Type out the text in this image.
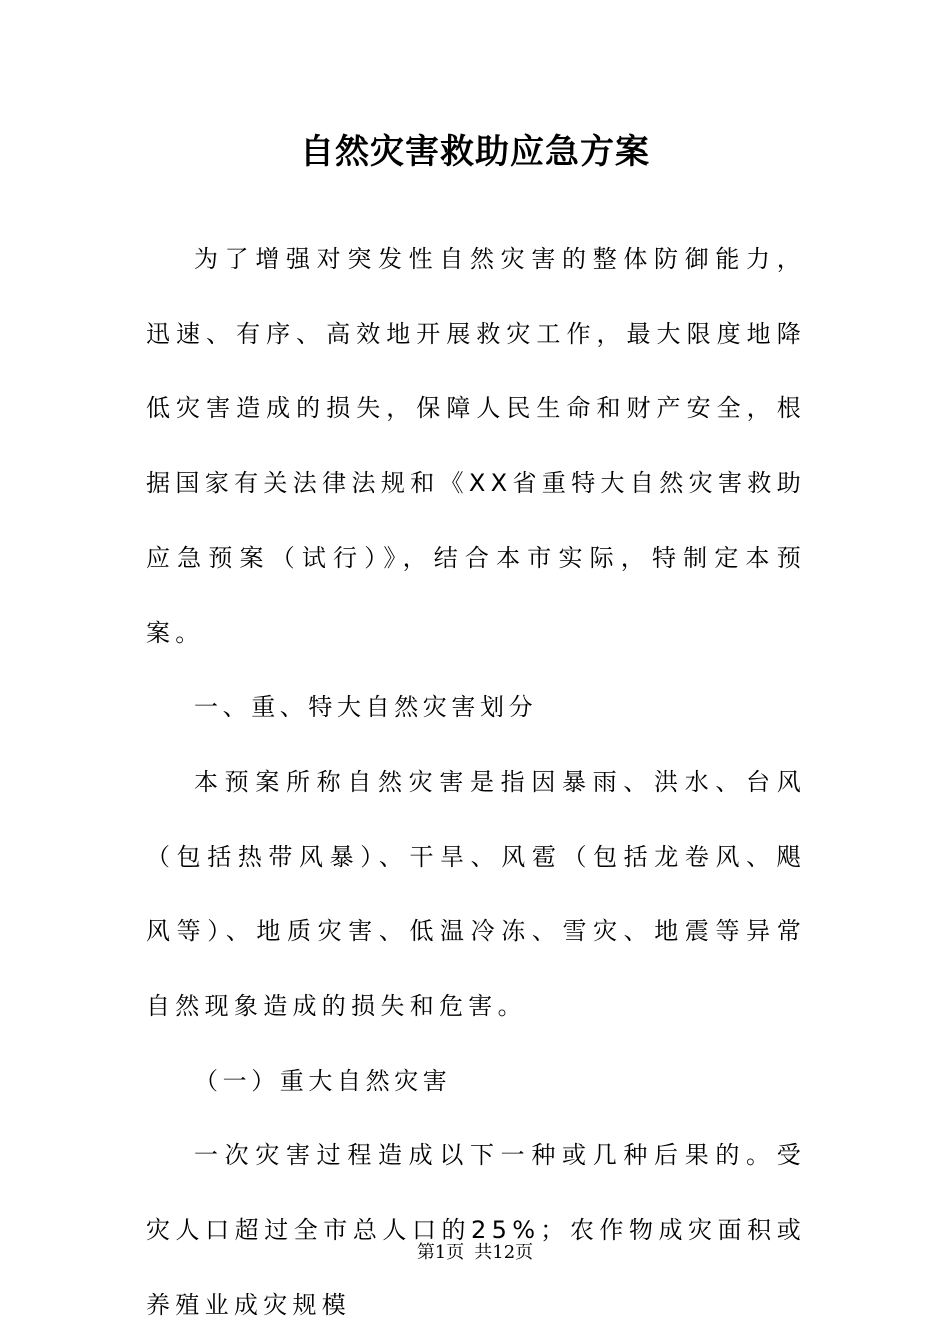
自然灾害救助应急方案

为了增强对突发性自然灾害的整体防御能力，迅速、有序、高效地开展救灾工作，最大限度地降低灾害造成的损失，保障人民生命和财产安全，根据国家有关法律法规和《XX省重特大自然灾害救助应急预案（试行）》，结合本市实际，特制定本预案。

一、重、特大自然灾害划分

本预案所称自然灾害是指因暴雨、洪水、台风（包括热带风暴）、干旱、风雹（包括龙卷风、飓风等）、地质灾害、低温冷冻、雪灾、地震等异常自然现象造成的损失和危害。

（一）重大自然灾害

一次灾害过程造成以下一种或几种后果的。受灾人口超过全市总人口的25%；农作物成灾面积或养殖业成灾规模

第1页 共12页
